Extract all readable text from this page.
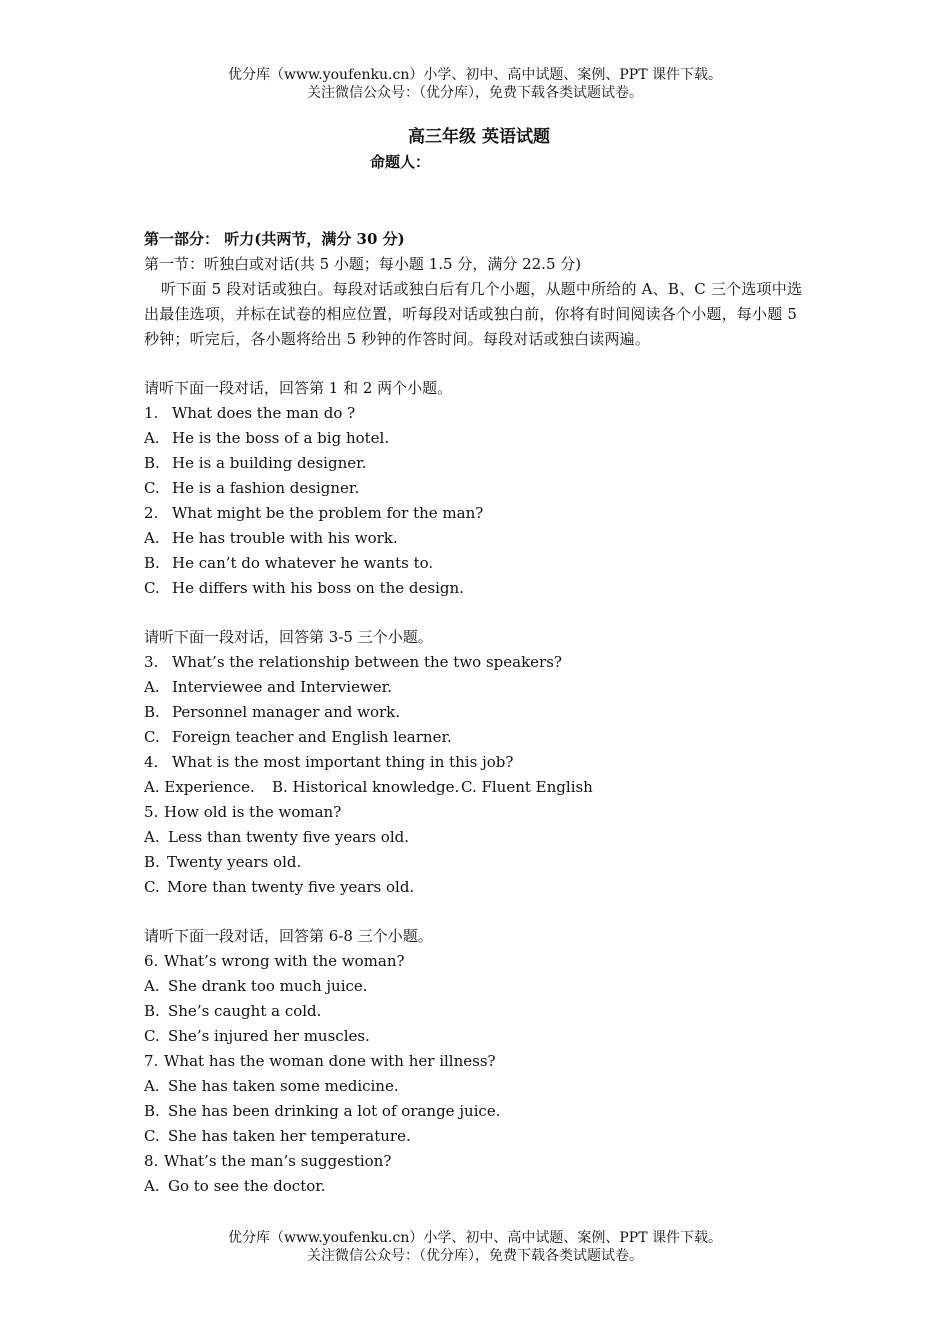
优分库（www.youfenku.cn）小学、初中、高中试题、案例、PPT 课件下载。
关注微信公众号：（优分库），免费下载各类试题试卷。
高三年级 英语试题
命题人：
第一部分： 听力(共两节，满分 30 分)
第一节：听独白或对话(共 5 小题；每小题 1.5 分，满分 22.5 分)
听下面 5 段对话或独白。每段对话或独白后有几个小题，从题中所给的 A、B、C 三个选项中选出最佳选项，并标在试卷的相应位置，听每段对话或独白前，你将有时间阅读各个小题，每小题 5 秒钟；听完后，各小题将给出 5 秒钟的作答时间。每段对话或独白读两遍。
请听下面一段对话，回答第 1 和 2 两个小题。
1. What does the man do ?
A. He is the boss of a big hotel.
B. He is a building designer.
C. He is a fashion designer.
2. What might be the problem for the man?
A. He has trouble with his work.
B. He can’t do whatever he wants to.
C. He differs with his boss on the design.
请听下面一段对话，回答第 3-5 三个小题。
3. What’s the relationship between the two speakers?
A. Interviewee and Interviewer.
B. Personnel manager and work.
C. Foreign teacher and English learner.
4. What is the most important thing in this job?
A. Experience. B. Historical knowledge. C. Fluent English
5. How old is the woman?
A. Less than twenty five years old.
B. Twenty years old.
C. More than twenty five years old.
请听下面一段对话，回答第 6-8 三个小题。
6. What’s wrong with the woman?
A. She drank too much juice.
B. She’s caught a cold.
C. She’s injured her muscles.
7. What has the woman done with her illness?
A. She has taken some medicine.
B. She has been drinking a lot of orange juice.
C. She has taken her temperature.
8. What’s the man’s suggestion?
A. Go to see the doctor.
优分库（www.youfenku.cn）小学、初中、高中试题、案例、PPT 课件下载。
关注微信公众号：（优分库），免费下载各类试题试卷。
